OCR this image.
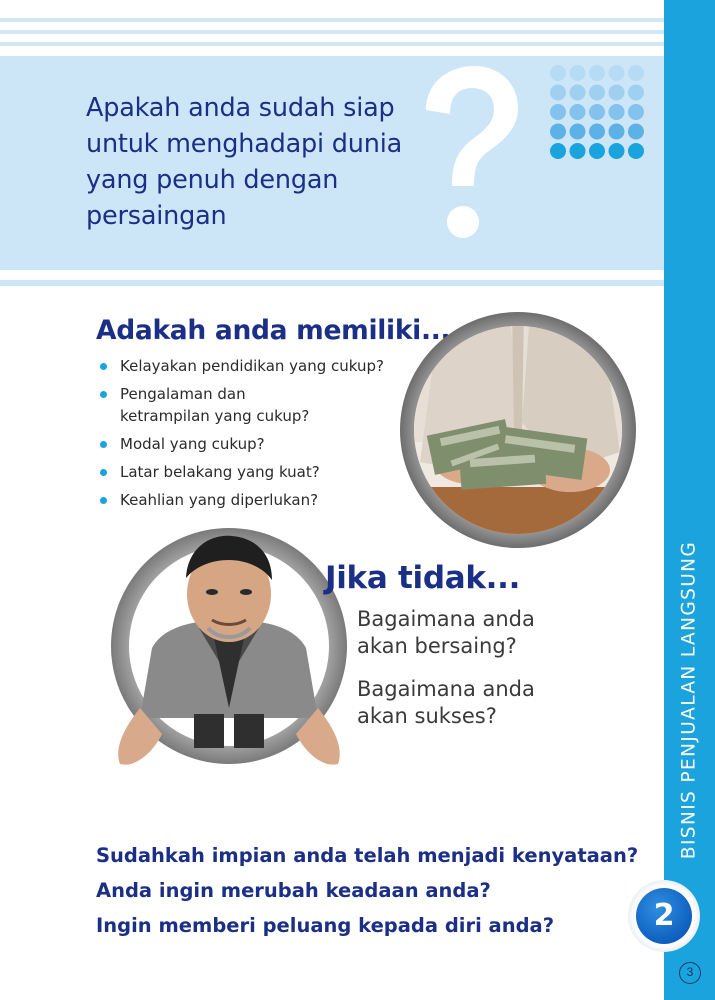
Apakah anda sudah siap
untuk menghadapi dunia
yang penuh dengan
persaingan
BISNIS PENJUALAN LANGSUNG
2
3
Adakah anda memiliki...
Kelayakan pendidikan yang cukup?
Pengalaman dan
ketrampilan yang cukup?
Modal yang cukup?
Latar belakang yang kuat?
Keahlian yang diperlukan?
Jika tidak...
Bagaimana anda
akan bersaing?
Bagaimana anda
akan sukses?
Sudahkah impian anda telah menjadi kenyataan?
Anda ingin merubah keadaan anda?
Ingin memberi peluang kepada diri anda?
